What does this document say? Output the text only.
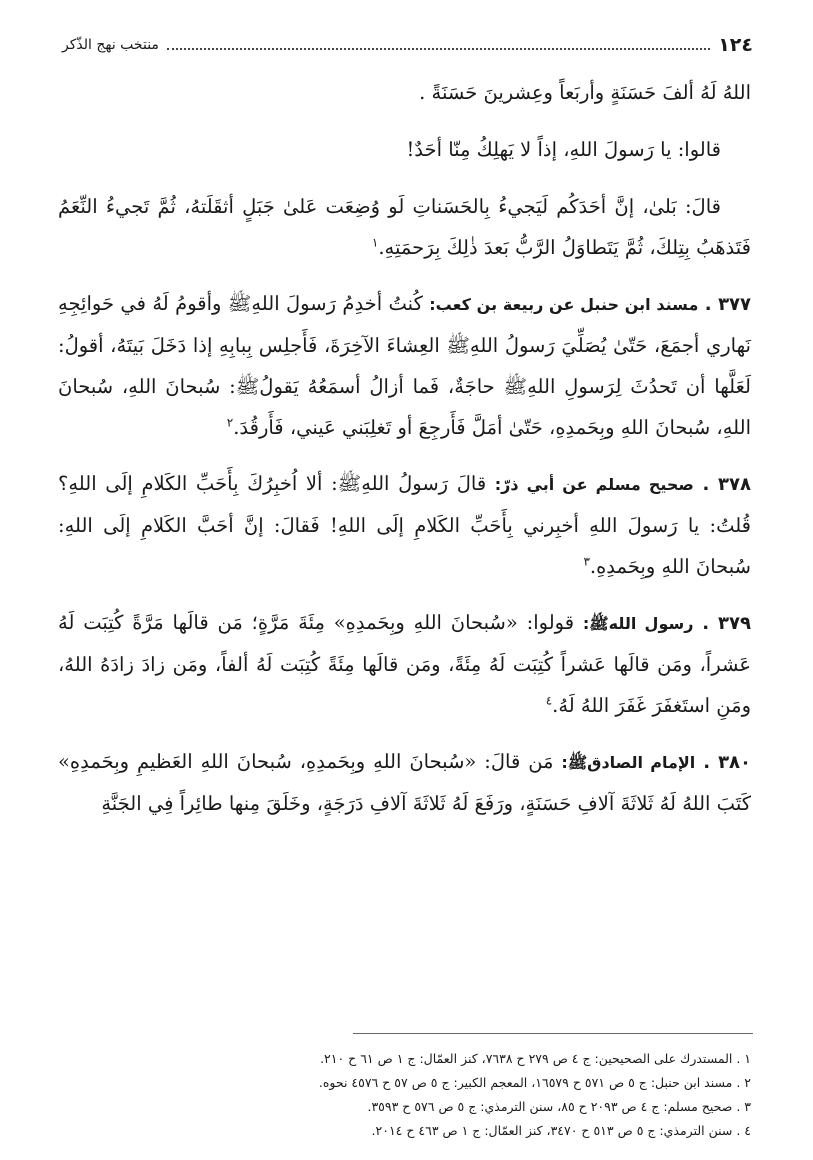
١٢٤
منتخب نهج الذّكر

اللهُ لَهُ ألفَ حَسَنَةٍ وأربَعاً وعِشرينَ حَسَنَةً .

قالوا: يا رَسولَ اللهِ، إذاً لا يَهلِكُ مِنّا أحَدٌ!

قالَ: بَلىٰ، إنَّ أحَدَكُم لَيَجيءُ بِالحَسَناتِ لَو وُضِعَت عَلىٰ جَبَلٍ أثقَلَتهُ، ثُمَّ تَجيءُ النِّعَمُ فَتَذهَبُ بِتِلكَ، ثُمَّ يَتَطاوَلُ الرَّبُّ بَعدَ ذٰلِكَ بِرَحمَتِهِ.$^١$

٣٧٧ . مسند ابن حنبل عن ربيعة بن كعب: كُنتُ أخدِمُ رَسولَ اللهِﷺ وأقومُ لَهُ في حَوائِجِهِ نَهاري أجمَعَ، حَتّىٰ يُصَلِّيَ رَسولُ اللهِﷺ العِشاءَ الآخِرَةَ، فَأَجلِس بِبابِهِ إذا دَخَلَ بَيتَهُ، أقولُ: لَعَلَّها أن تَحدُثَ لِرَسولِ اللهِﷺ حاجَةٌ، فَما أزالُ أسمَعُهُ يَقولُﷺ: سُبحانَ اللهِ، سُبحانَ اللهِ، سُبحانَ اللهِ وبِحَمدِهِ، حَتّىٰ أمَلَّ فَأَرجِعَ أو تَغلِبَني عَيني، فَأَرقُدَ.$^٢$

٣٧٨ . صحيح مسلم عن أبي ذرّ: قالَ رَسولُ اللهِﷺ: ألا اُخبِرُكَ بِأَحَبِّ الكَلامِ إلَى اللهِ؟ قُلتُ: يا رَسولَ اللهِ أخبِرني بِأَحَبِّ الكَلامِ إلَى اللهِ! فَقالَ: إنَّ أحَبَّ الكَلامِ إلَى اللهِ: سُبحانَ اللهِ وبِحَمدِهِ.$^٣$

٣٧٩ . رسول اللهﷺ: قولوا: «سُبحانَ اللهِ وبِحَمدِهِ» مِئَةَ مَرَّةٍ؛ مَن قالَها مَرَّةً كُتِبَت لَهُ عَشراً، ومَن قالَها عَشراً كُتِبَت لَهُ مِئَةً، ومَن قالَها مِئَةً كُتِبَت لَهُ ألفاً، ومَن زادَ زادَهُ اللهُ، ومَنِ استَغفَرَ غَفَرَ اللهُ لَهُ.$^٤$

٣٨٠ . الإمام الصادقﷺ: مَن قالَ: «سُبحانَ اللهِ وبِحَمدِهِ، سُبحانَ اللهِ العَظيمِ وبِحَمدِهِ» كَتَبَ اللهُ لَهُ ثَلاثَةَ آلافِ حَسَنَةٍ، ورَفَعَ لَهُ ثَلاثَةَ آلافِ دَرَجَةٍ، وخَلَقَ مِنها طائِراً فِي الجَنَّةِ

١ . المستدرك على الصحيحين: ج ٤ ص ٢٧٩ ح ٧٦٣٨، كنز العمّال: ج ١ ص ٦١ ح ٢١٠.

٢ . مسند ابن حنبل: ج ٥ ص ٥٧١ ح ١٦٥٧٩، المعجم الكبير: ج ٥ ص ٥٧ ح ٤٥٧٦ نحوه.

٣ . صحيح مسلم: ج ٤ ص ٢٠٩٣ ح ٨٥، سنن الترمذي: ج ٥ ص ٥٧٦ ح ٣٥٩٣.

٤ . سنن الترمذي: ج ٥ ص ٥١٣ ح ٣٤٧٠، كنز العمّال: ج ١ ص ٤٦٣ ح ٢٠١٤.
